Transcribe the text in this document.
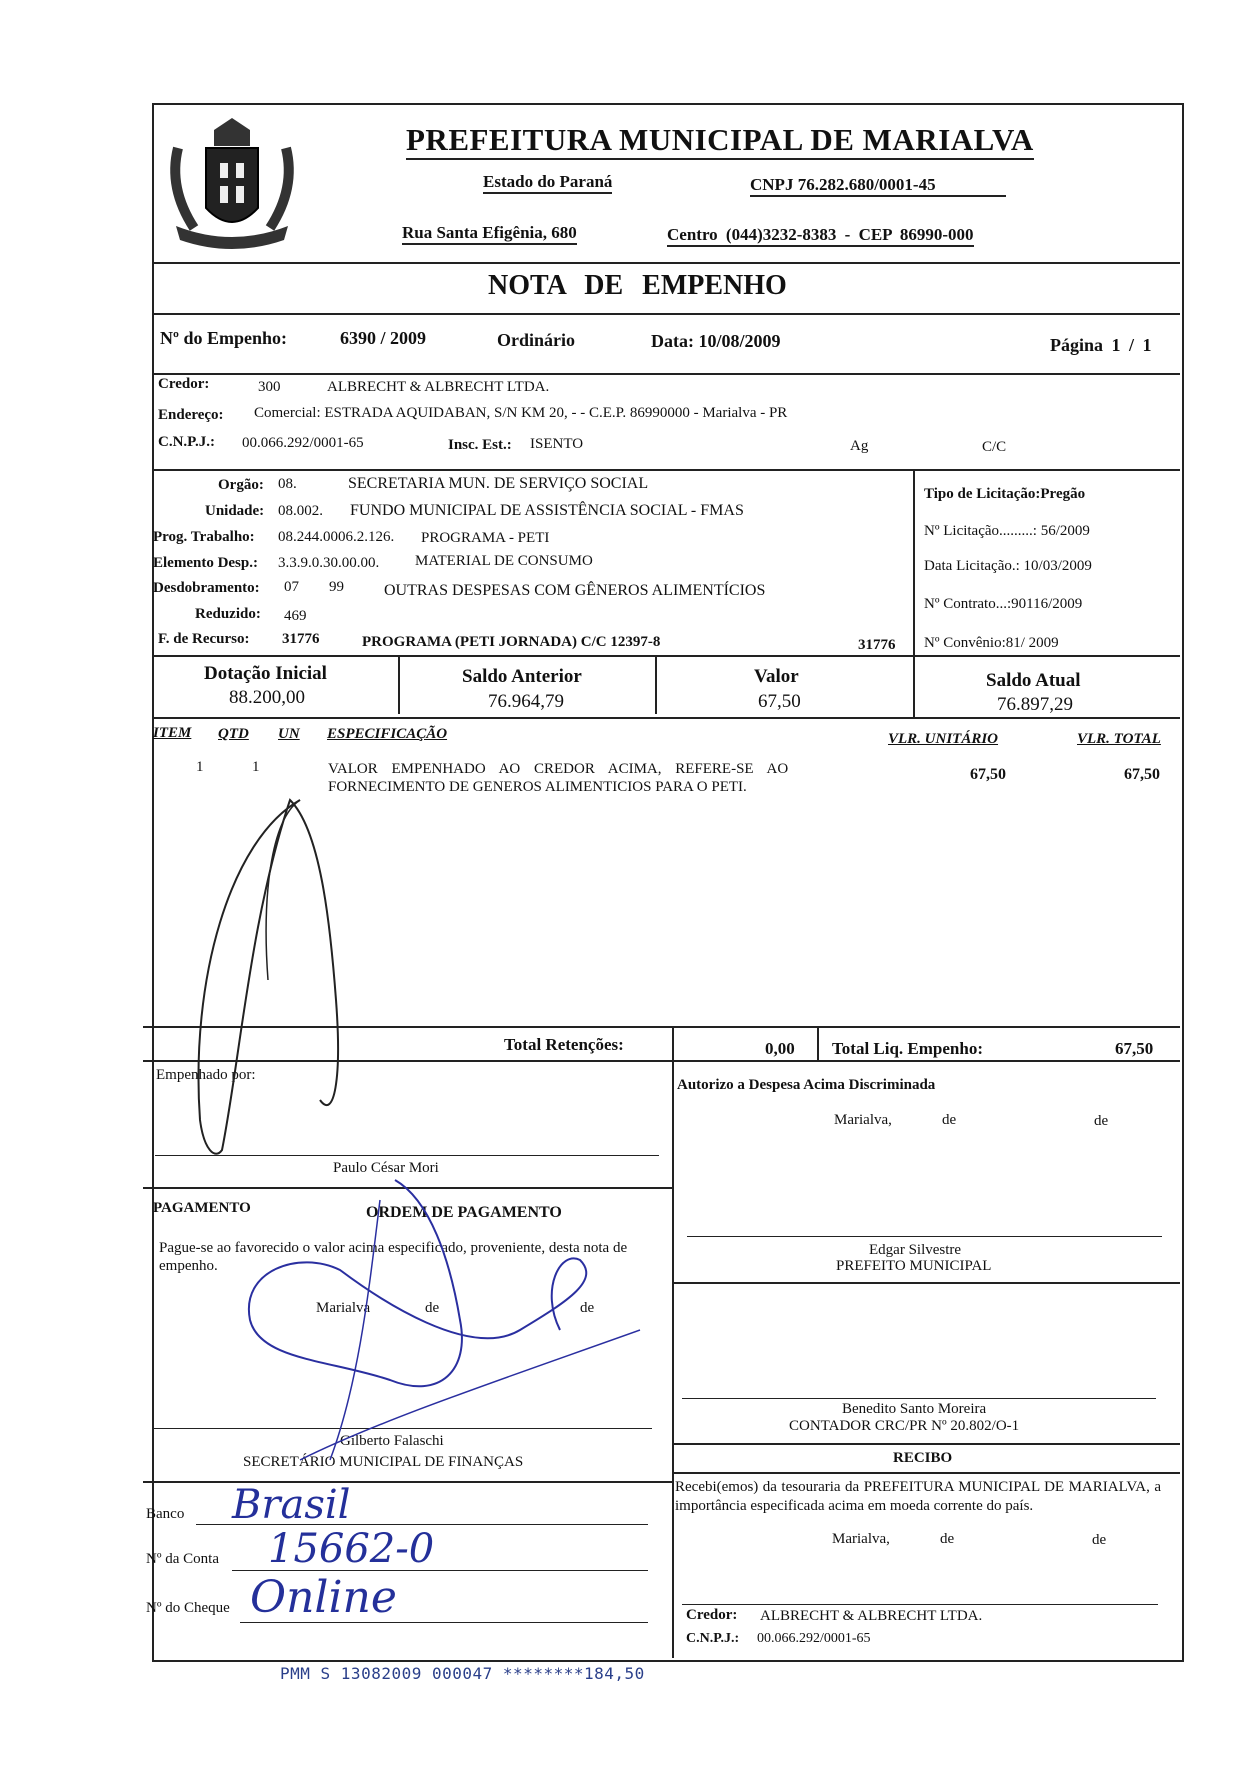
PREFEITURA MUNICIPAL DE MARIALVA
Estado do Paraná	CNPJ 76.282.680/0001-45
Rua Santa Efigênia, 680	Centro (044)3232-8383 - CEP 86990-000
NOTA DE EMPENHO
Nº do Empenho:	6390 / 2009	Ordinário	Data: 10/08/2009	Página 1 / 1
Credor:	300	ALBRECHT & ALBRECHT LTDA.
Endereço: Comercial: ESTRADA AQUIDABAN, S/N KM 20, - - C.E.P. 86990000 - Marialva - PR
C.N.P.J.: 00.066.292/0001-65	Insc. Est.: ISENTO	Ag	C/C
Orgão: 08.	SECRETARIA MUN. DE SERVIÇO SOCIAL
Unidade: 08.002. FUNDO MUNICIPAL DE ASSISTÊNCIA SOCIAL - FMAS
Prog. Trabalho: 08.244.0006.2.126. PROGRAMA - PETI
Elemento Desp.: 3.3.9.0.30.00.00. MATERIAL DE CONSUMO
Desdobramento: 07 99	OUTRAS DESPESAS COM GÊNEROS ALIMENTÍCIOS
Reduzido: 469
F. de Recurso: 31776	PROGRAMA (PETI JORNADA) C/C 12397-8	31776
Tipo de Licitação:Pregão
Nº Licitação.........: 56/2009
Data Licitação.: 10/03/2009
Nº Contrato...:90116/2009
Nº Convênio:81/ 2009
Dotação Inicial
88.200,00
Saldo Anterior
76.964,79
Valor
67,50
Saldo Atual
76.897,29
ITEM QTD UN ESPECIFICAÇÃO	VLR. UNITÁRIO	VLR. TOTAL
1	1	VALOR EMPENHADO AO CREDOR ACIMA, REFERE-SE AO
FORNECIMENTO DE GENEROS ALIMENTICIOS PARA O PETI.
67,50	67,50
Total Retenções:	0,00 Total Liq. Empenho:	67,50
Empenhado por:
Paulo César Mori
Autorizo a Despesa Acima Discriminada
Marialva,	de	de
Edgar Silvestre
PREFEITO MUNICIPAL
Benedito Santo Moreira
CONTADOR CRC/PR Nº 20.802/O-1
PAGAMENTO	ORDEM DE PAGAMENTO
Pague-se ao favorecido o valor acima especificado, proveniente, desta nota de empenho.
Marialva	de	de
Gilberto Falaschi
SECRETÁRIO MUNICIPAL DE FINANÇAS
Banco Brasil
Nº da Conta 15662-0
Nº do Cheque Online
RECIBO
Recebi(emos) da tesouraria da PREFEITURA MUNICIPAL DE MARIALVA, a importância especificada acima em moeda corrente do país.
Marialva,	de	de
Credor: ALBRECHT & ALBRECHT LTDA.
C.N.P.J.: 00.066.292/0001-65
PMM S 13082009 000047 ********184,50
